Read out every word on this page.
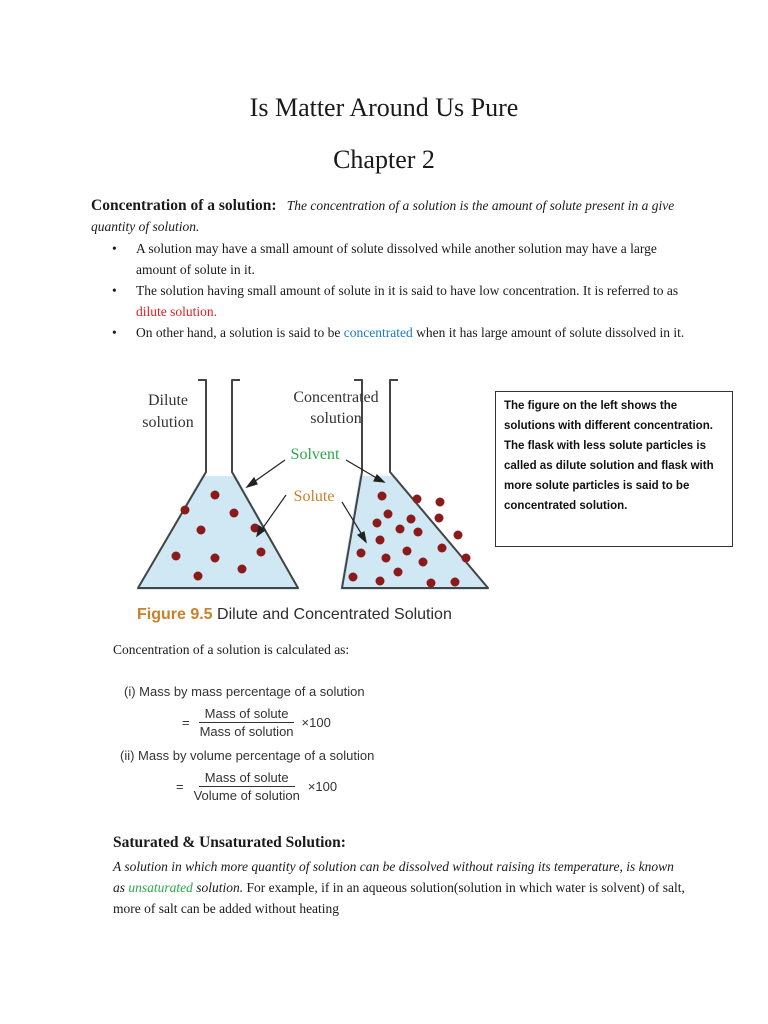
Is Matter Around Us Pure
Chapter 2
Concentration of a solution: The concentration of a solution is the amount of solute present in a give quantity of solution.
• A solution may have a small amount of solute dissolved while another solution may have a large amount of solute in it.
• The solution having small amount of solute in it is said to have low concentration. It is referred to as dilute solution.
• On other hand, a solution is said to be concentrated when it has large amount of solute dissolved in it.
Dilute
solution
Concentrated
solution
Solvent
Solute
Figure 9.5 Dilute and Concentrated Solution
The figure on the left shows the solutions with different concentration. The flask with less solute particles is called as dilute solution and flask with more solute particles is said to be concentrated solution.
Concentration of a solution is calculated as:
(i) Mass by mass percentage of a solution
= $\frac{\text{Mass of solute}}{\text{Mass of solution}} \times 100$
(ii) Mass by volume percentage of a solution
= $\frac{\text{Mass of solute}}{\text{Volume of solution}} \times 100$
Saturated & Unsaturated Solution:
A solution in which more quantity of solution can be dissolved without raising its temperature, is known as unsaturated solution. For example, if in an aqueous solution(solution in which water is solvent) of salt, more of salt can be added without heating
